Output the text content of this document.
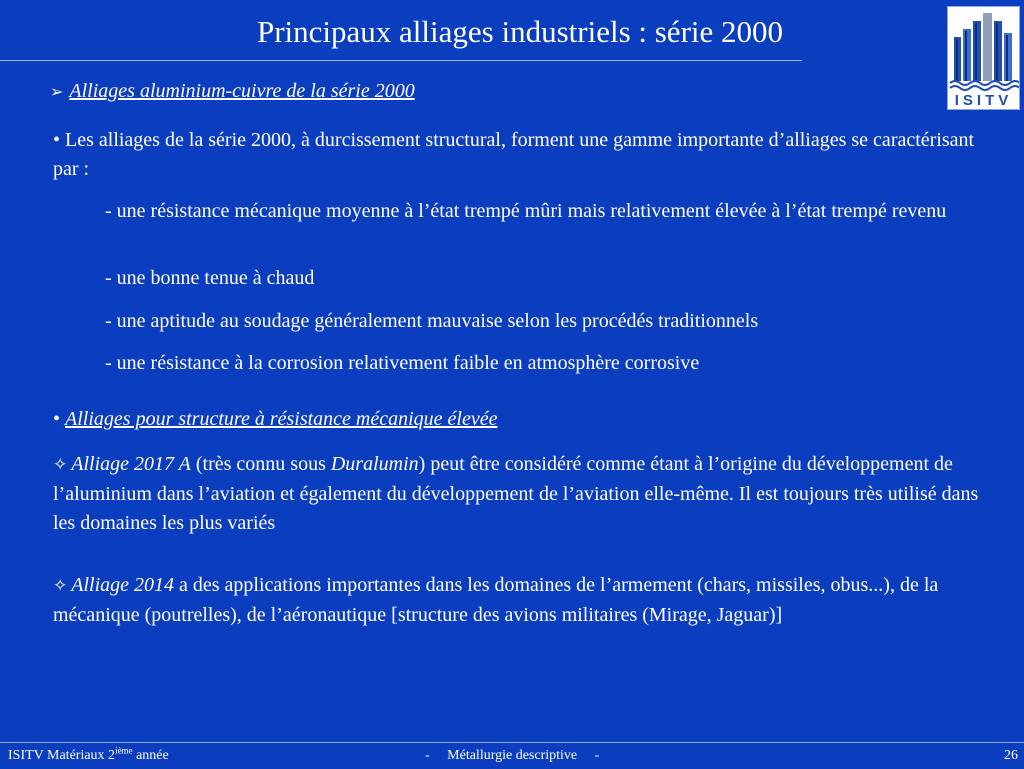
Principaux alliages industriels : série 2000
ISITV
➢ Alliages aluminium-cuivre de la série 2000
• Les alliages de la série 2000, à durcissement structural, forment une gamme importante d’alliages se caractérisant par :
- une résistance mécanique moyenne à l’état trempé mûri mais relativement élevée à l’état trempé revenu
- une bonne tenue à chaud
- une aptitude au soudage généralement mauvaise selon les procédés traditionnels
- une résistance à la corrosion relativement faible en atmosphère corrosive
• Alliages pour structure à résistance mécanique élevée
✧ Alliage 2017 A (très connu sous Duralumin) peut être considéré comme étant à l’origine du développement de l’aluminium dans l’aviation et également du développement de l’aviation elle-même. Il est toujours très utilisé dans les domaines les plus variés
✧ Alliage 2014 a des applications importantes dans les domaines de l’armement (chars, missiles, obus...), de la mécanique (poutrelles), de l’aéronautique [structure des avions militaires (Mirage, Jaguar)]
ISITV Matériaux 2ième année	-     Métallurgie descriptive     -	26
